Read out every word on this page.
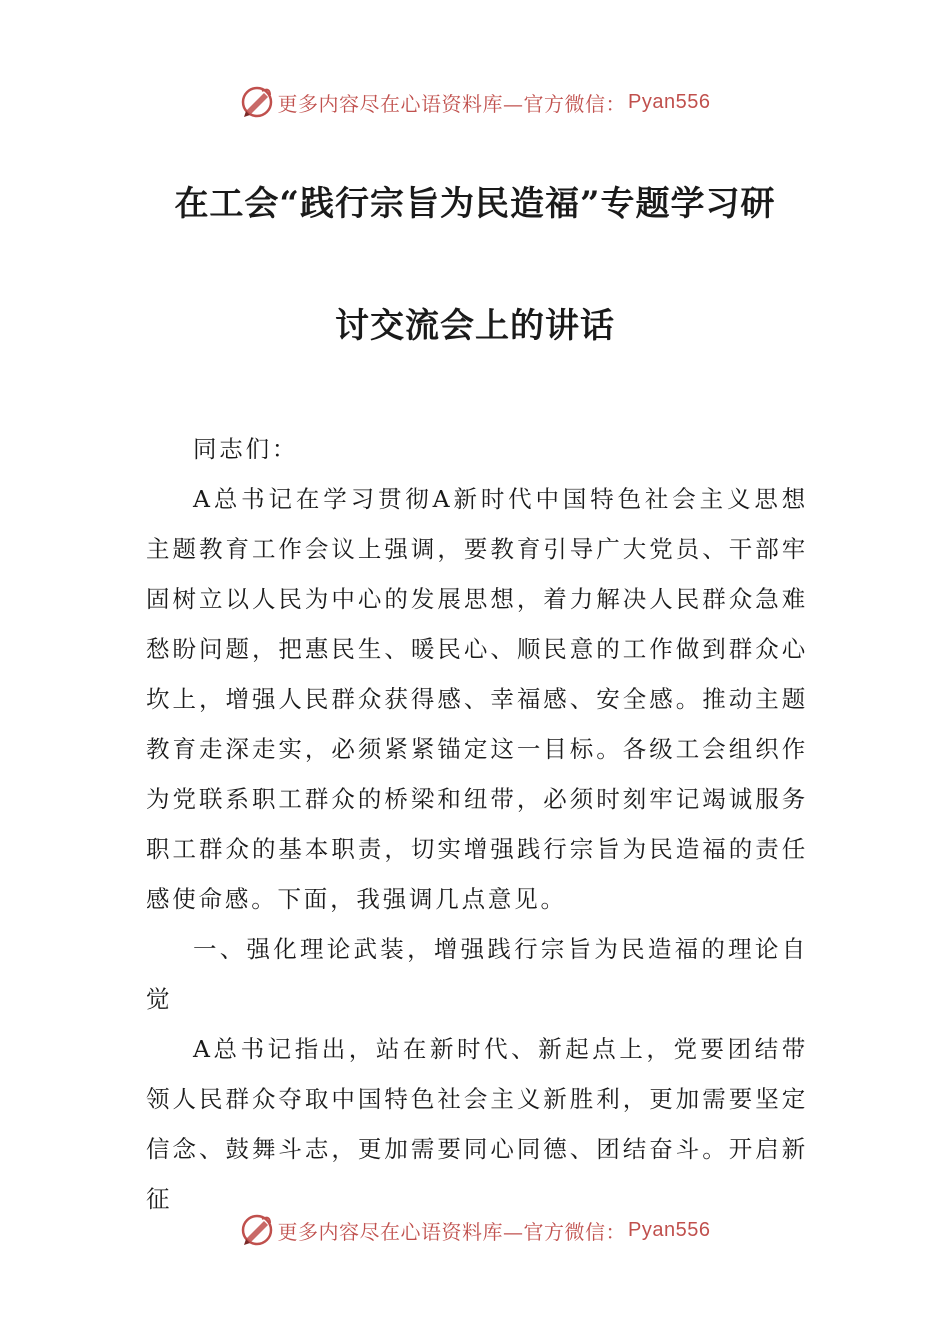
更多内容尽在心语资料库—官方微信： Pyan556
在工会“践行宗旨为民造福”专题学习研
讨交流会上的讲话

同志们：

A总书记在学习贯彻A新时代中国特色社会主义思想主题教育工作会议上强调，要教育引导广大党员、干部牢固树立以人民为中心的发展思想，着力解决人民群众急难愁盼问题，把惠民生、暖民心、顺民意的工作做到群众心坎上，增强人民群众获得感、幸福感、安全感。推动主题教育走深走实，必须紧紧锚定这一目标。各级工会组织作为党联系职工群众的桥梁和纽带，必须时刻牢记竭诚服务职工群众的基本职责，切实增强践行宗旨为民造福的责任感使命感。下面，我强调几点意见。

一、强化理论武装，增强践行宗旨为民造福的理论自觉

A总书记指出，站在新时代、新起点上，党要团结带领人民群众夺取中国特色社会主义新胜利，更加需要坚定信念、鼓舞斗志，更加需要同心同德、团结奋斗。开启新征

更多内容尽在心语资料库—官方微信： Pyan556
